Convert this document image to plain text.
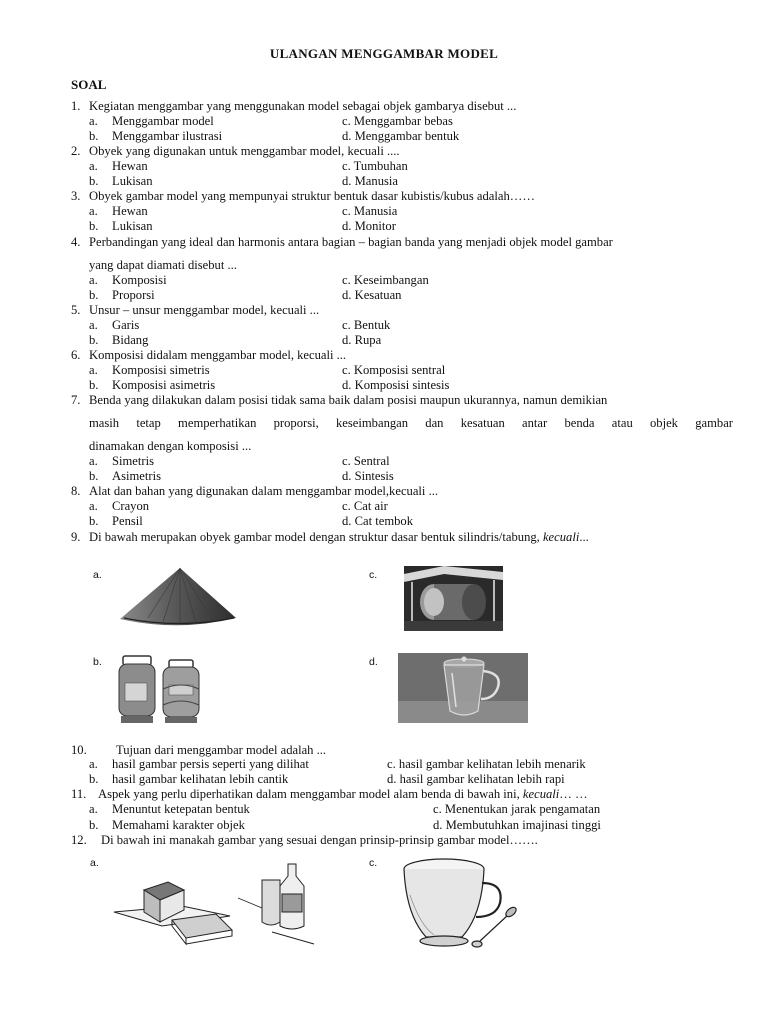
ULANGAN MENGGAMBAR MODEL
SOAL
1. Kegiatan menggambar yang menggunakan model sebagai objek gambarya disebut ...
a. Menggambar model	c. Menggambar bebas
b. Menggambar ilustrasi	d. Menggambar bentuk
2. Obyek yang digunakan untuk menggambar model, kecuali ....
a. Hewan	c. Tumbuhan
b. Lukisan	d. Manusia
3. Obyek gambar model yang mempunyai struktur bentuk dasar kubistis/kubus adalah……
a. Hewan	c. Manusia
b. Lukisan	d. Monitor
4. Perbandingan yang ideal dan harmonis antara bagian – bagian banda yang menjadi objek model gambar
yang dapat diamati disebut ...
a. Komposisi	c. Keseimbangan
b. Proporsi	d. Kesatuan
5. Unsur – unsur menggambar model, kecuali ...
a. Garis	c. Bentuk
b. Bidang	d. Rupa
6. Komposisi didalam menggambar model, kecuali ...
a. Komposisi simetris	c. Komposisi sentral
b. Komposisi asimetris	d. Komposisi sintesis
7. Benda yang dilakukan dalam posisi tidak sama baik dalam posisi maupun ukurannya, namun demikian
masih tetap memperhatikan proporsi, keseimbangan dan kesatuan antar benda atau objek gambar
dinamakan dengan komposisi ...
a. Simetris	c. Sentral
b. Asimetris	d. Sintesis
8. Alat dan bahan yang digunakan dalam menggambar model,kecuali ...
a. Crayon	c. Cat air
b. Pensil	d. Cat tembok
9. Di bawah merupakan obyek gambar model dengan struktur dasar bentuk silindris/tabung, kecuali...
a.	c.
b.	d.
10. Tujuan dari menggambar model adalah ...
a. hasil gambar persis seperti yang dilihat	c. hasil gambar kelihatan lebih menarik
b. hasil gambar kelihatan lebih cantik	d. hasil gambar kelihatan lebih rapi
11. Aspek yang perlu diperhatikan dalam menggambar model alam benda di bawah ini, kecuali… …
a. Menuntut ketepatan bentuk	c. Menentukan jarak pengamatan
b. Memahami karakter objek	d. Membutuhkan imajinasi tinggi
12. Di bawah ini manakah gambar yang sesuai dengan prinsip-prinsip gambar model…….
a.	c.
